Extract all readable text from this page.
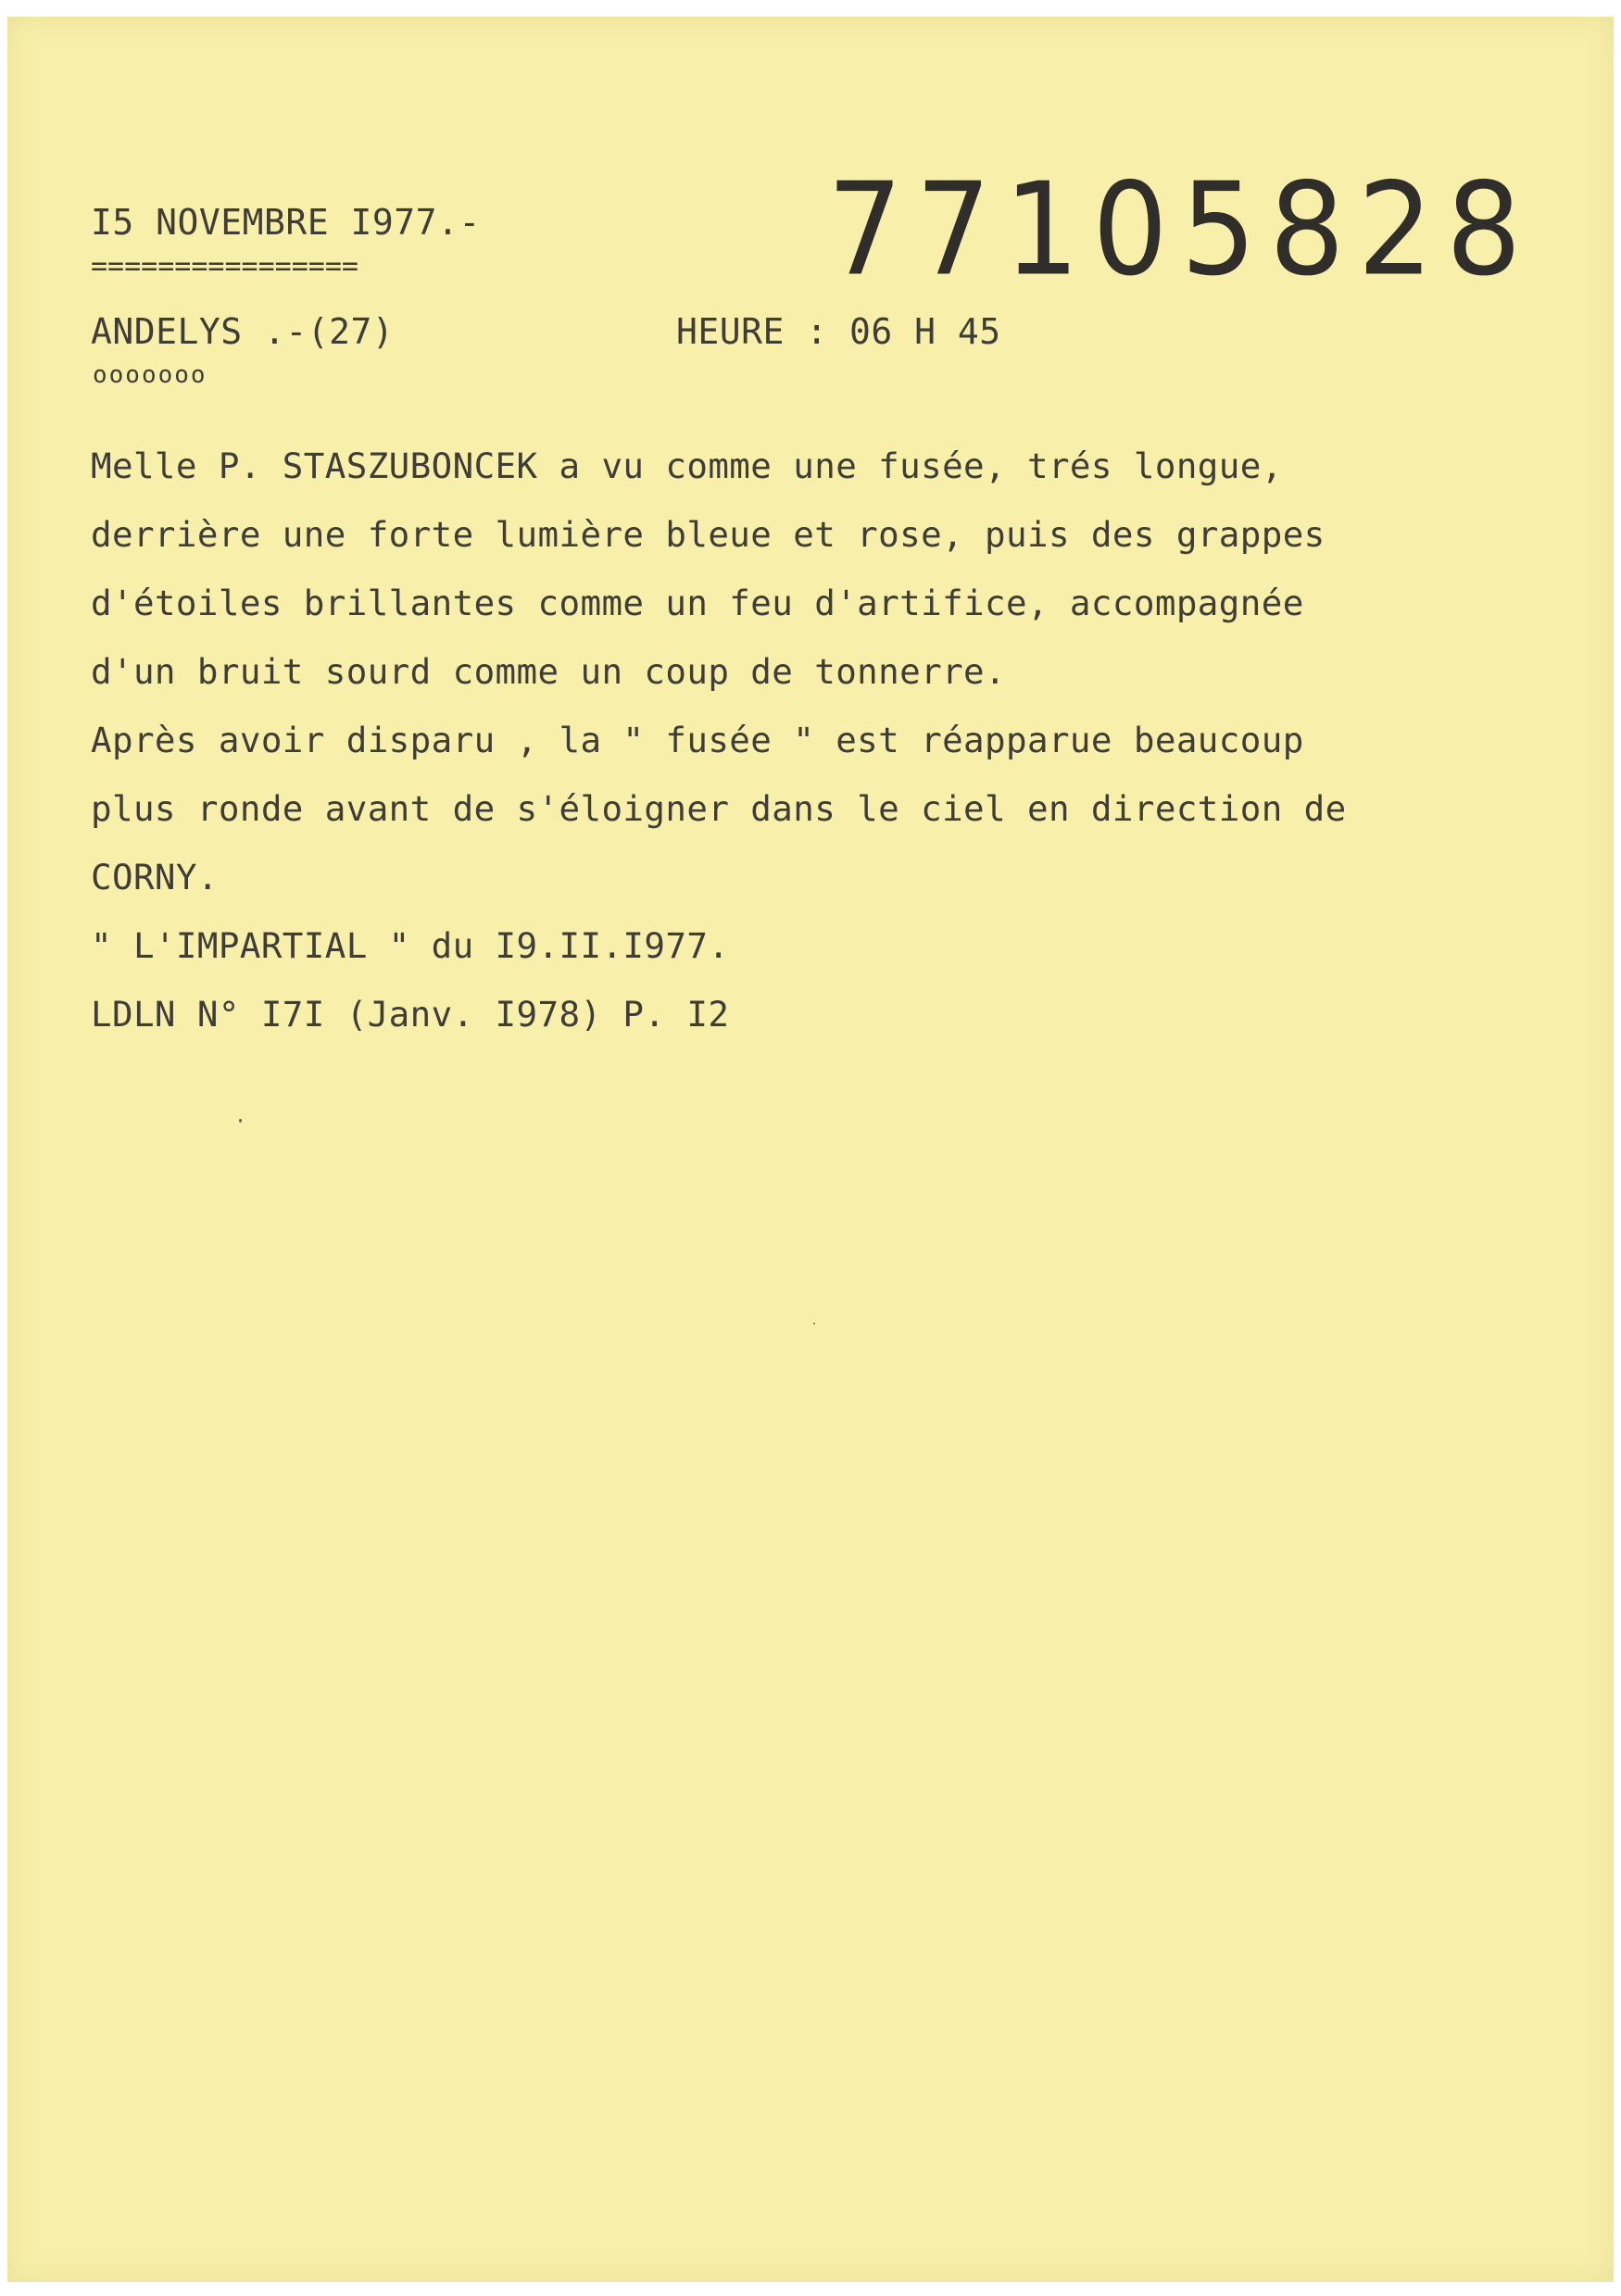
I5 NOVEMBRE I977.-
================
ANDELYS .-(27)
ooooooo
HEURE : 06 H 45
77105828
Melle P. STASZUBONCEK a vu comme une fusée, trés longue,
derrière une forte lumière bleue et rose, puis des grappes
d'étoiles brillantes comme un feu d'artifice, accompagnée
d'un bruit sourd comme un coup de tonnerre.
Après avoir disparu , la " fusée " est réapparue beaucoup
plus ronde avant de s'éloigner dans le ciel en direction de
CORNY.
" L'IMPARTIAL " du I9.II.I977.
LDLN N° I7I (Janv. I978) P. I2
